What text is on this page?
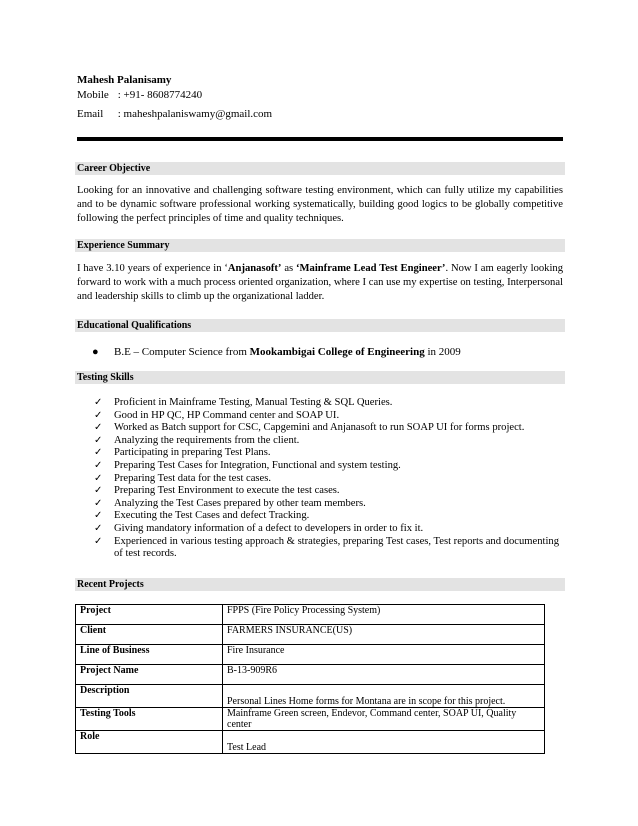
Mahesh Palanisamy
Mobile : +91- 8608774240
Email : maheshpalaniswamy@gmail.com
Career Objective
Looking for an innovative and challenging software testing environment, which can fully utilize my capabilities and to be dynamic software professional working systematically, building good logics to be globally competitive following the perfect principles of time and quality techniques.
Experience Summary
I have 3.10 years of experience in ‘Anjanasoft’ as ‘Mainframe Lead Test Engineer’. Now I am eagerly looking forward to work with a much process oriented organization, where I can use my expertise on testing, Interpersonal and leadership skills to climb up the organizational ladder.
Educational Qualifications
● B.E – Computer Science from Mookambigai College of Engineering in 2009
Testing Skills
✓ Proficient in Mainframe Testing, Manual Testing & SQL Queries.
✓ Good in HP QC, HP Command center and SOAP UI.
✓ Worked as Batch support for CSC, Capgemini and Anjanasoft to run SOAP UI for forms project.
✓ Analyzing the requirements from the client.
✓ Participating in preparing Test Plans.
✓ Preparing Test Cases for Integration, Functional and system testing.
✓ Preparing Test data for the test cases.
✓ Preparing Test Environment to execute the test cases.
✓ Analyzing the Test Cases prepared by other team members.
✓ Executing the Test Cases and defect Tracking.
✓ Giving mandatory information of a defect to developers in order to fix it.
✓ Experienced in various testing approach & strategies, preparing Test cases, Test reports and documenting of test records.
Recent Projects
Project	FPPS (Fire Policy Processing System)
Client	FARMERS INSURANCE(US)
Line of Business	Fire Insurance
Project Name	B-13-909R6
Description	Personal Lines Home forms for Montana are in scope for this project.
Testing Tools	Mainframe Green screen, Endevor, Command center, SOAP UI, Quality center
Role	Test Lead
